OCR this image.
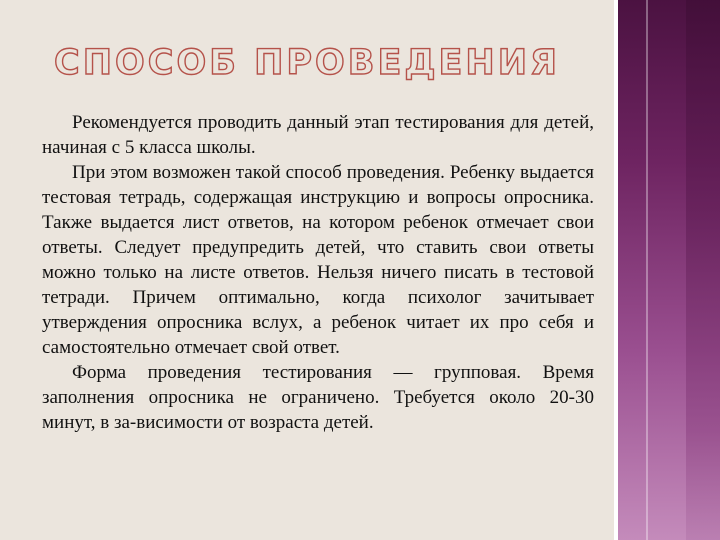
СПОСОБ ПРОВЕДЕНИЯ

Рекомендуется проводить данный этап тестирования для детей, начиная с 5 класса школы.

При этом возможен такой способ проведения. Ребенку выдается тестовая тетрадь, содержащая инструкцию и вопросы опросника. Также выдается лист ответов, на котором ребенок отмечает свои ответы. Следует предупредить детей, что ставить свои ответы можно только на листе ответов. Нельзя ничего писать в тестовой тетради. Причем оптимально, когда психолог зачитывает утверждения опросника вслух, а ребенок читает их про себя и самостоятельно отмечает свой ответ.

Форма проведения тестирования — групповая. Время заполнения опросника не ограничено. Требуется около 20-30 минут, в за-висимости от возраста детей.
